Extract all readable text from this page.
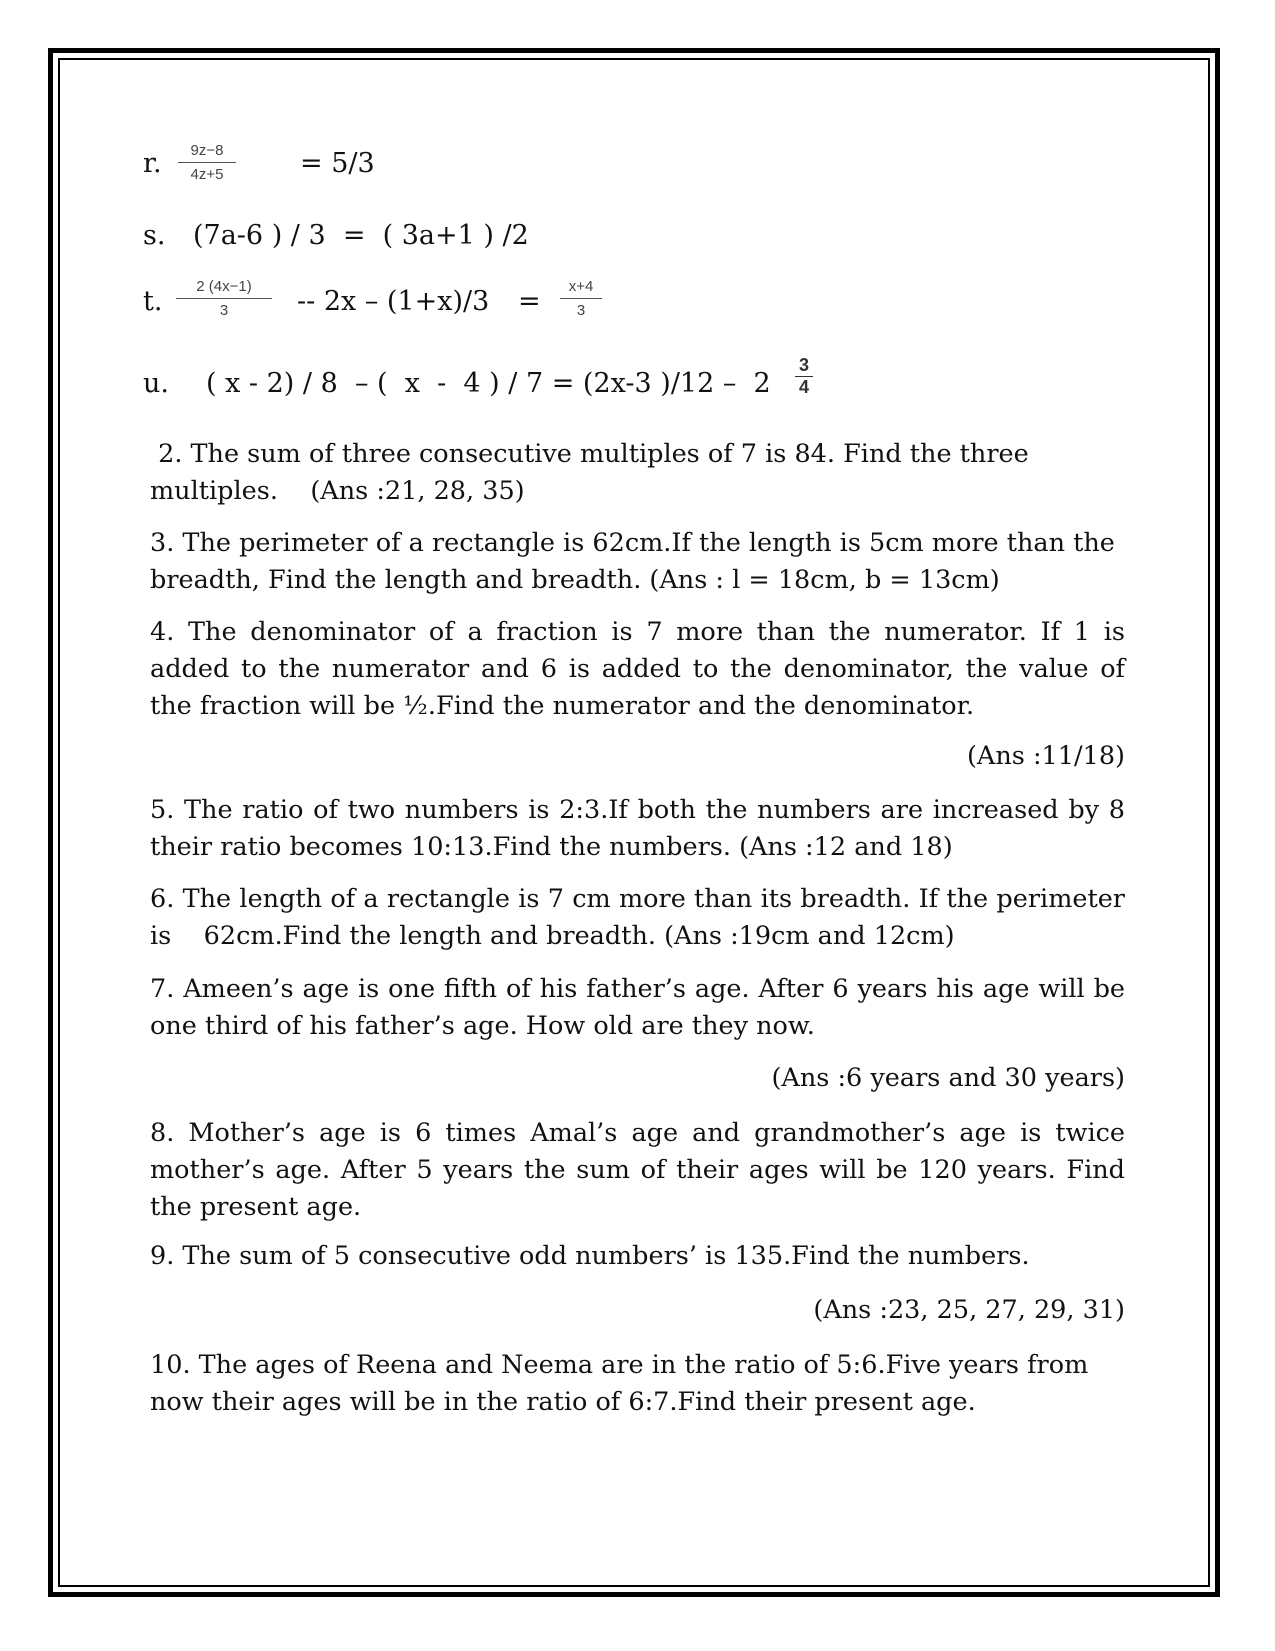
r. $\frac{9z-8}{4z+5} = 5/3$
s. (7a-6 ) / 3  =  ( 3a+1 ) /2
t. $\frac{2 (4x-1)}{3} -- 2x - (1+x)/3 = \frac{x+4}{3}$
u. ( x - 2) / 8  – (  x  -  4 ) / 7 = (2x-3 )$/12 - 2 \frac{3}{4}$

2. The sum of three consecutive multiples of 7 is 84. Find the three multiples.    (Ans :21, 28, 35)

3. The perimeter of a rectangle is 62cm.If the length is 5cm more than the breadth, Find the length and breadth. (Ans : l = 18cm, b = 13cm)

4. The denominator of a fraction is 7 more than the numerator. If 1 is added to the numerator and 6 is added to the denominator, the value of the fraction will be ½.Find the numerator and the denominator.

(Ans :11/18)

5. The ratio of two numbers is 2:3.If both the numbers are increased by 8 their ratio becomes 10:13.Find the numbers. (Ans :12 and 18)

6. The length of a rectangle is 7 cm more than its breadth. If the perimeter is    62cm.Find the length and breadth. (Ans :19cm and 12cm)

7. Ameen’s age is one fifth of his father’s age. After 6 years his age will be one third of his father’s age. How old are they now.

(Ans :6 years and 30 years)

8. Mother’s age is 6 times Amal’s age and grandmother’s age is twice mother’s age. After 5 years the sum of their ages will be 120 years. Find the present age.

9. The sum of 5 consecutive odd numbers’ is 135.Find the numbers.

(Ans :23, 25, 27, 29, 31)

10. The ages of Reena and Neema are in the ratio of 5:6.Five years from now their ages will be in the ratio of 6:7.Find their present age.
